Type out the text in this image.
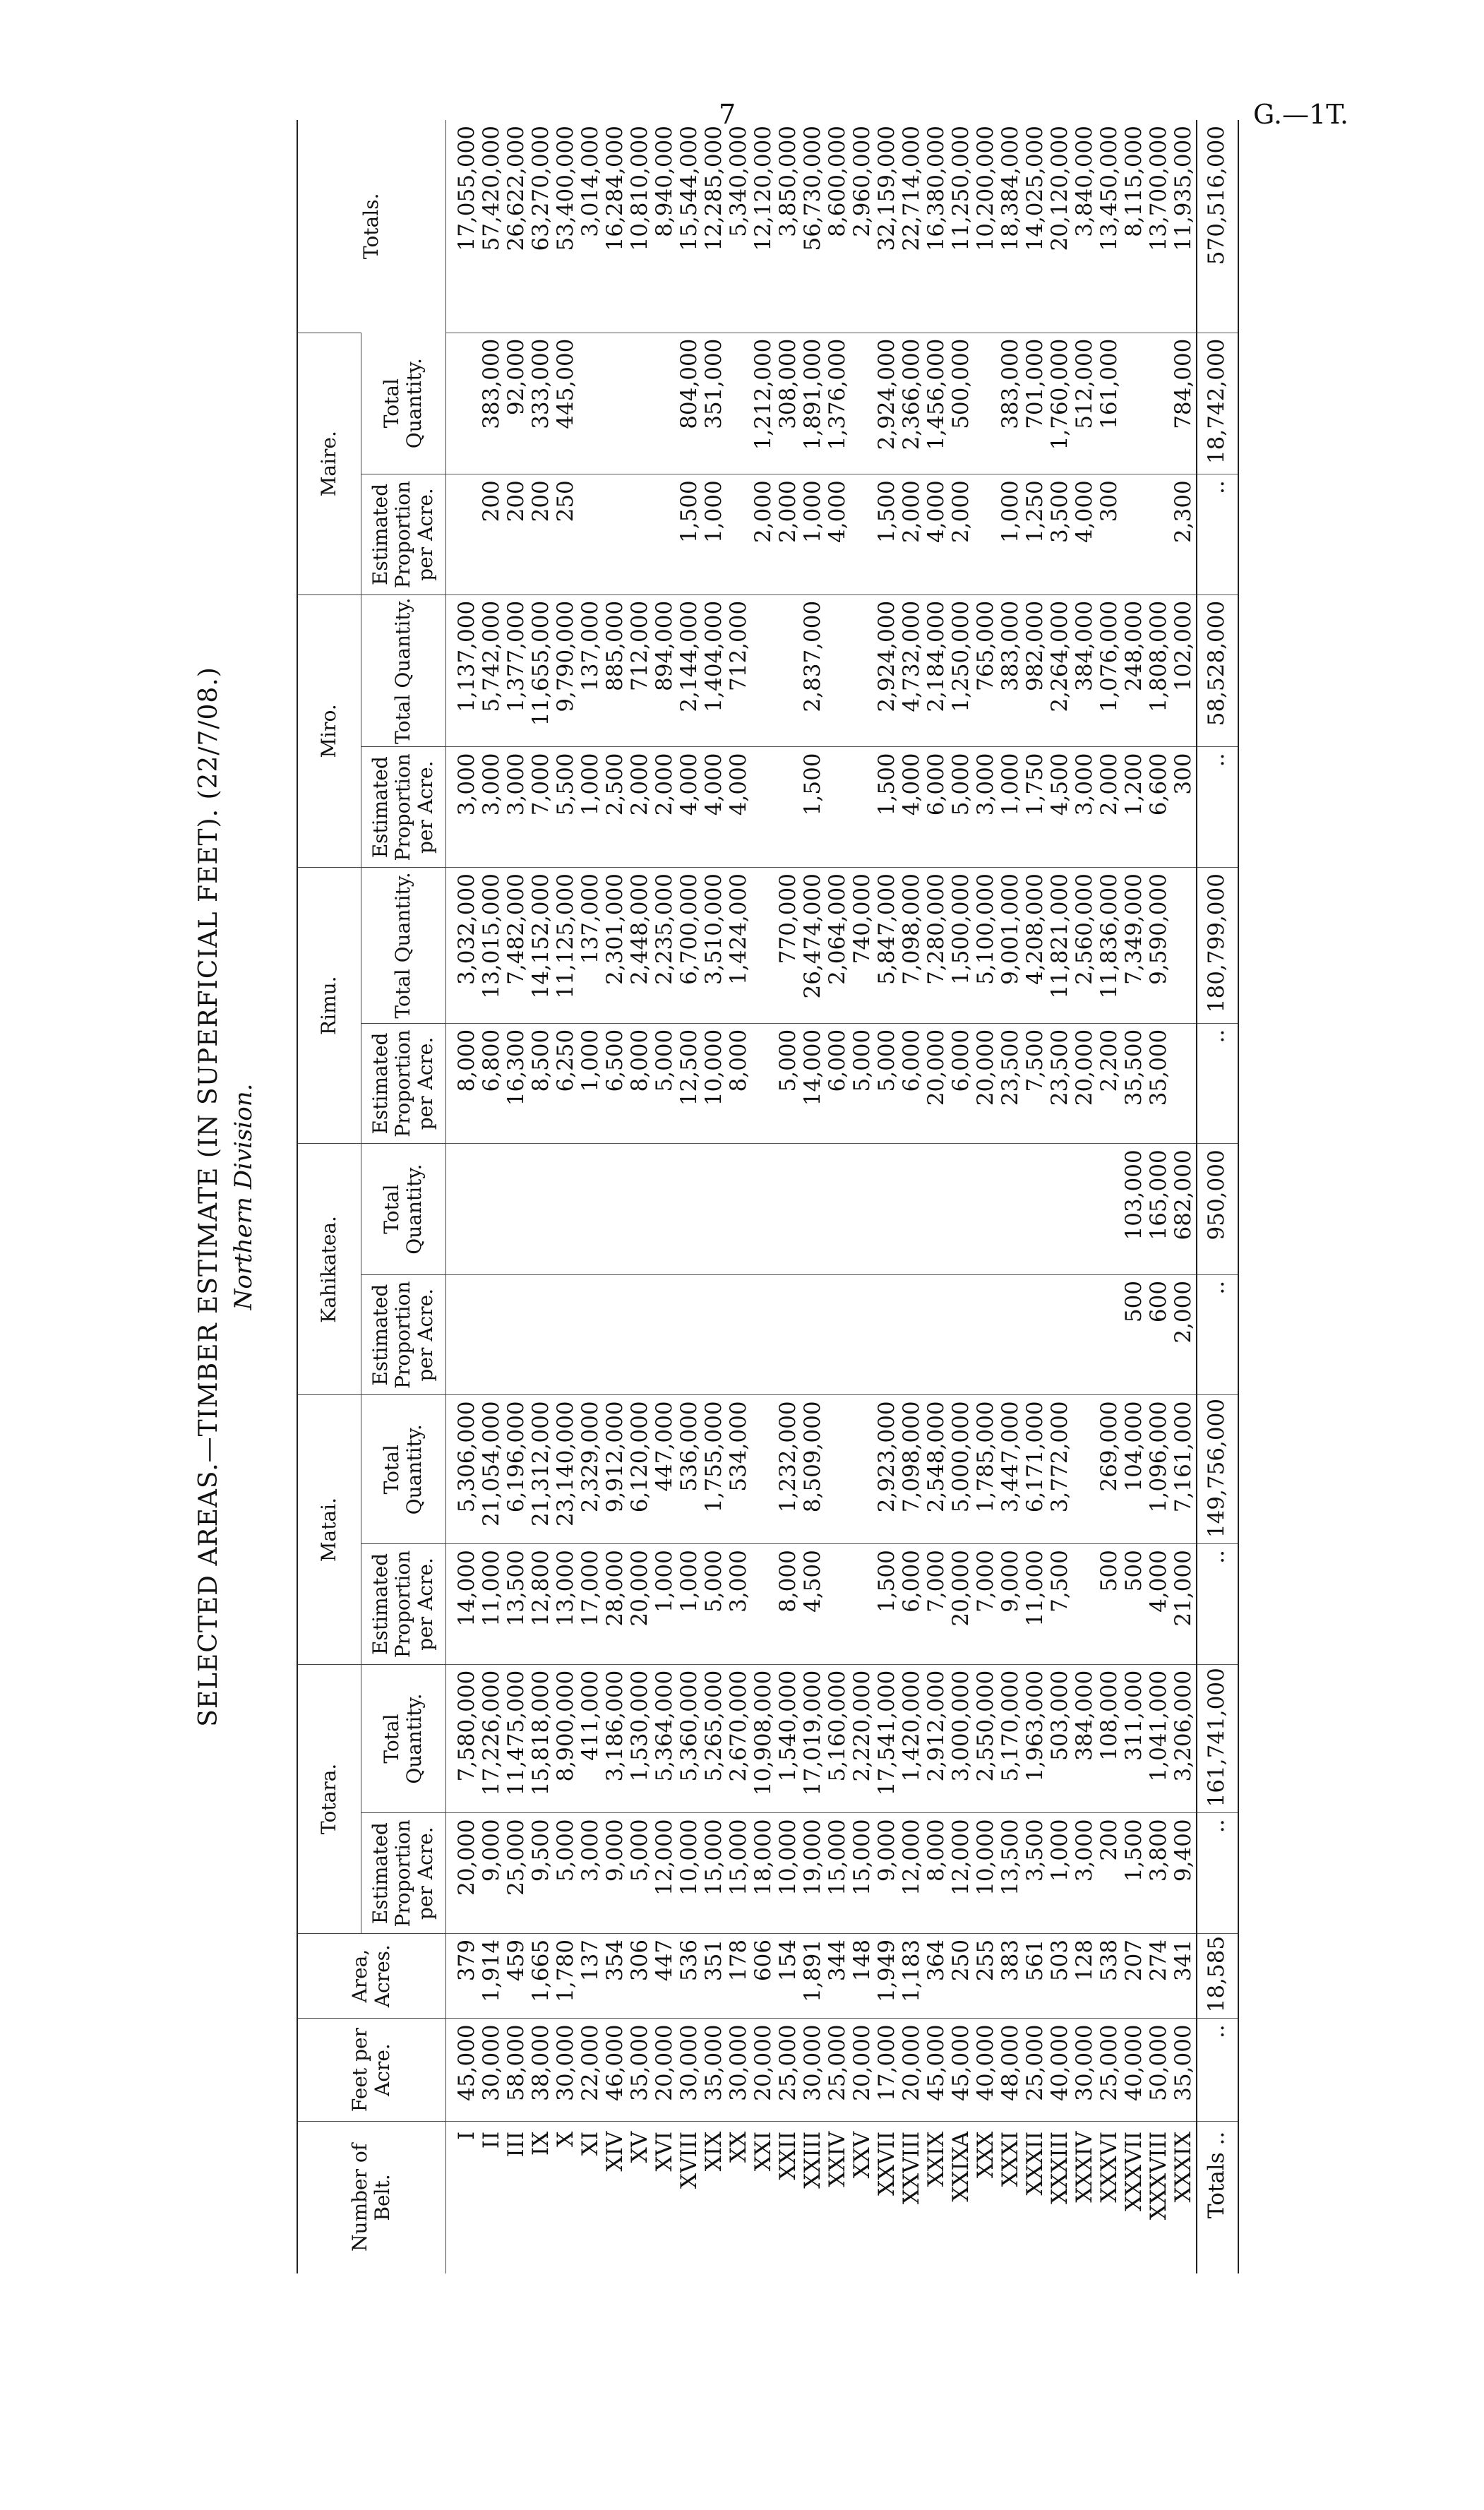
7	G.—1T.
SELECTED AREAS.—TIMBER ESTIMATE (IN SUPERFICIAL FEET). (22/7/08.) Northern Division.
Number of Belt.	Feet per Acre.	Area, Acres.	Totara.		Matai.		Kahikatea.		Rimu.		Miro.		Maire.		Totals.
			Estimated Proportion per Acre.	Total Quantity.	Estimated Proportion per Acre.	Total Quantity.	Estimated Proportion per Acre.	Total Quantity.	Estimated Proportion per Acre.	Total Quantity.	Estimated Proportion per Acre.	Total Quantity.	Estimated Proportion per Acre.	Total Quantity.	
I	45,000	379	20,000	7,580,000	14,000	5,306,000			8,000	3,032,000	3,000	1,137,000			17,055,000
II	30,000	1,914	9,000	17,226,000	11,000	21,054,000			6,800	13,015,000	3,000	5,742,000	200	383,000	57,420,000
III	58,000	459	25,000	11,475,000	13,500	6,196,000			16,300	7,482,000	3,000	1,377,000	200	92,000	26,622,000
IX	38,000	1,665	9,500	15,818,000	12,800	21,312,000			8,500	14,152,000	7,000	11,655,000	200	333,000	63,270,000
X	30,000	1,780	5,000	8,900,000	13,000	23,140,000			6,250	11,125,000	5,500	9,790,000	250	445,000	53,400,000
XI	22,000	137	3,000	411,000	17,000	2,329,000			1,000	137,000	1,000	137,000			3,014,000
XIV	46,000	354	9,000	3,186,000	28,000	9,912,000			6,500	2,301,000	2,500	885,000			16,284,000
XV	35,000	306	5,000	1,530,000	20,000	6,120,000			8,000	2,448,000	2,000	712,000			10,810,000
XVI	20,000	447	12,000	5,364,000	1,000	447,000			5,000	2,235,000	2,000	894,000			8,940,000
XVIII	30,000	536	10,000	5,360,000	1,000	536,000			12,500	6,700,000	4,000	2,144,000	1,500	804,000	15,544,000
XIX	35,000	351	15,000	5,265,000	5,000	1,755,000			10,000	3,510,000	4,000	1,404,000	1,000	351,000	12,285,000
XX	30,000	178	15,000	2,670,000	3,000	534,000			8,000	1,424,000	4,000	712,000			5,340,000
XXI	20,000	606	18,000	10,908,000									2,000	1,212,000	12,120,000
XXII	25,000	154	10,000	1,540,000	8,000	1,232,000			5,000	770,000			2,000	308,000	3,850,000
XXIII	30,000	1,891	19,000	17,019,000	4,500	8,509,000			14,000	26,474,000	1,500	2,837,000	1,000	1,891,000	56,730,000
XXIV	25,000	344	15,000	5,160,000					6,000	2,064,000			4,000	1,376,000	8,600,000
XXV	20,000	148	15,000	2,220,000					5,000	740,000					2,960,000
XXVII	17,000	1,949	9,000	17,541,000	1,500	2,923,000			5,000	5,847,000	1,500	2,924,000	1,500	2,924,000	32,159,000
XXVIII	20,000	1,183	12,000	1,420,000	6,000	7,098,000			6,000	7,098,000	4,000	4,732,000	2,000	2,366,000	22,714,000
XXIX	45,000	364	8,000	2,912,000	7,000	2,548,000			20,000	7,280,000	6,000	2,184,000	4,000	1,456,000	16,380,000
XXIXA	45,000	250	12,000	3,000,000	20,000	5,000,000			6,000	1,500,000	5,000	1,250,000	2,000	500,000	11,250,000
XXX	40,000	255	10,000	2,550,000	7,000	1,785,000			20,000	5,100,000	3,000	765,000			10,200,000
XXXI	48,000	383	13,500	5,170,000	9,000	3,447,000			23,500	9,001,000	1,000	383,000	1,000	383,000	18,384,000
XXXII	25,000	561	3,500	1,963,000	11,000	6,171,000			7,500	4,208,000	1,750	982,000	1,250	701,000	14,025,000
XXXIII	40,000	503	1,000	503,000	7,500	3,772,000			23,500	11,821,000	4,500	2,264,000	3,500	1,760,000	20,120,000
XXXIV	30,000	128	3,000	384,000					20,000	2,560,000	3,000	384,000	4,000	512,000	3,840,000
XXXVI	25,000	538	200	108,000	500	269,000			2,200	11,836,000	2,000	1,076,000	300	161,000	13,450,000
XXXVII	40,000	207	1,500	311,000	500	104,000	500	103,000	35,500	7,349,000	1,200	248,000			8,115,000
XXXVIII	50,000	274	3,800	1,041,000	4,000	1,096,000	600	165,000	35,000	9,590,000	6,600	1,808,000			13,700,000
XXXIX	35,000	341	9,400	3,206,000	21,000	7,161,000	2,000	682,000			300	102,000	2,300	784,000	11,935,000
Totals ..	..	18,585	..	161,741,000	..	149,756,000	..	950,000	..	180,799,000	..	58,528,000	..	18,742,000	570,516,000
